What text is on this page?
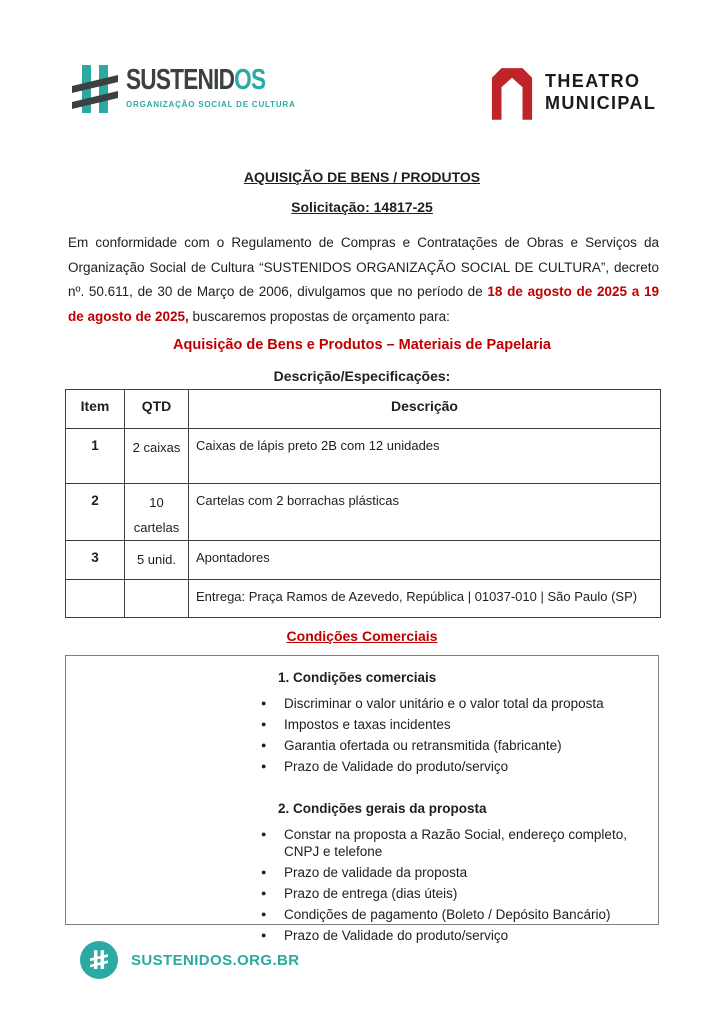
SUSTENIDOS
ORGANIZAÇÃO SOCIAL DE CULTURA
THEATRO
MUNICIPAL
AQUISIÇÃO DE BENS / PRODUTOS
Solicitação: 14817-25

Em conformidade com o Regulamento de Compras e Contratações de Obras e Serviços da Organização Social de Cultura “SUSTENIDOS ORGANIZAÇÃO SOCIAL DE CULTURA”, decreto nº. 50.611, de 30 de Março de 2006, divulgamos que no período de 18 de agosto de 2025 a 19 de agosto de 2025, buscaremos propostas de orçamento para:

Aquisição de Bens e Produtos – Materiais de Papelaria
Descrição/Especificações:
Item	QTD	Descrição
1	2 caixas	Caixas de lápis preto 2B com 12 unidades
2	10 cartelas	Cartelas com 2 borrachas plásticas
3	5 unid.	Apontadores
		Entrega: Praça Ramos de Azevedo, República | 01037-010 | São Paulo (SP)
Condições Comerciais
1. Condições comerciais
●	Discriminar o valor unitário e o valor total da proposta
●	Impostos e taxas incidentes
●	Garantia ofertada ou retransmitida (fabricante)
●	Prazo de Validade do produto/serviço
2. Condições gerais da proposta
●	Constar na proposta a Razão Social, endereço completo, CNPJ e telefone
●	Prazo de validade da proposta
●	Prazo de entrega (dias úteis)
●	Condições de pagamento (Boleto / Depósito Bancário)
●	Prazo de Validade do produto/serviço
SUSTENIDOS.ORG.BR
